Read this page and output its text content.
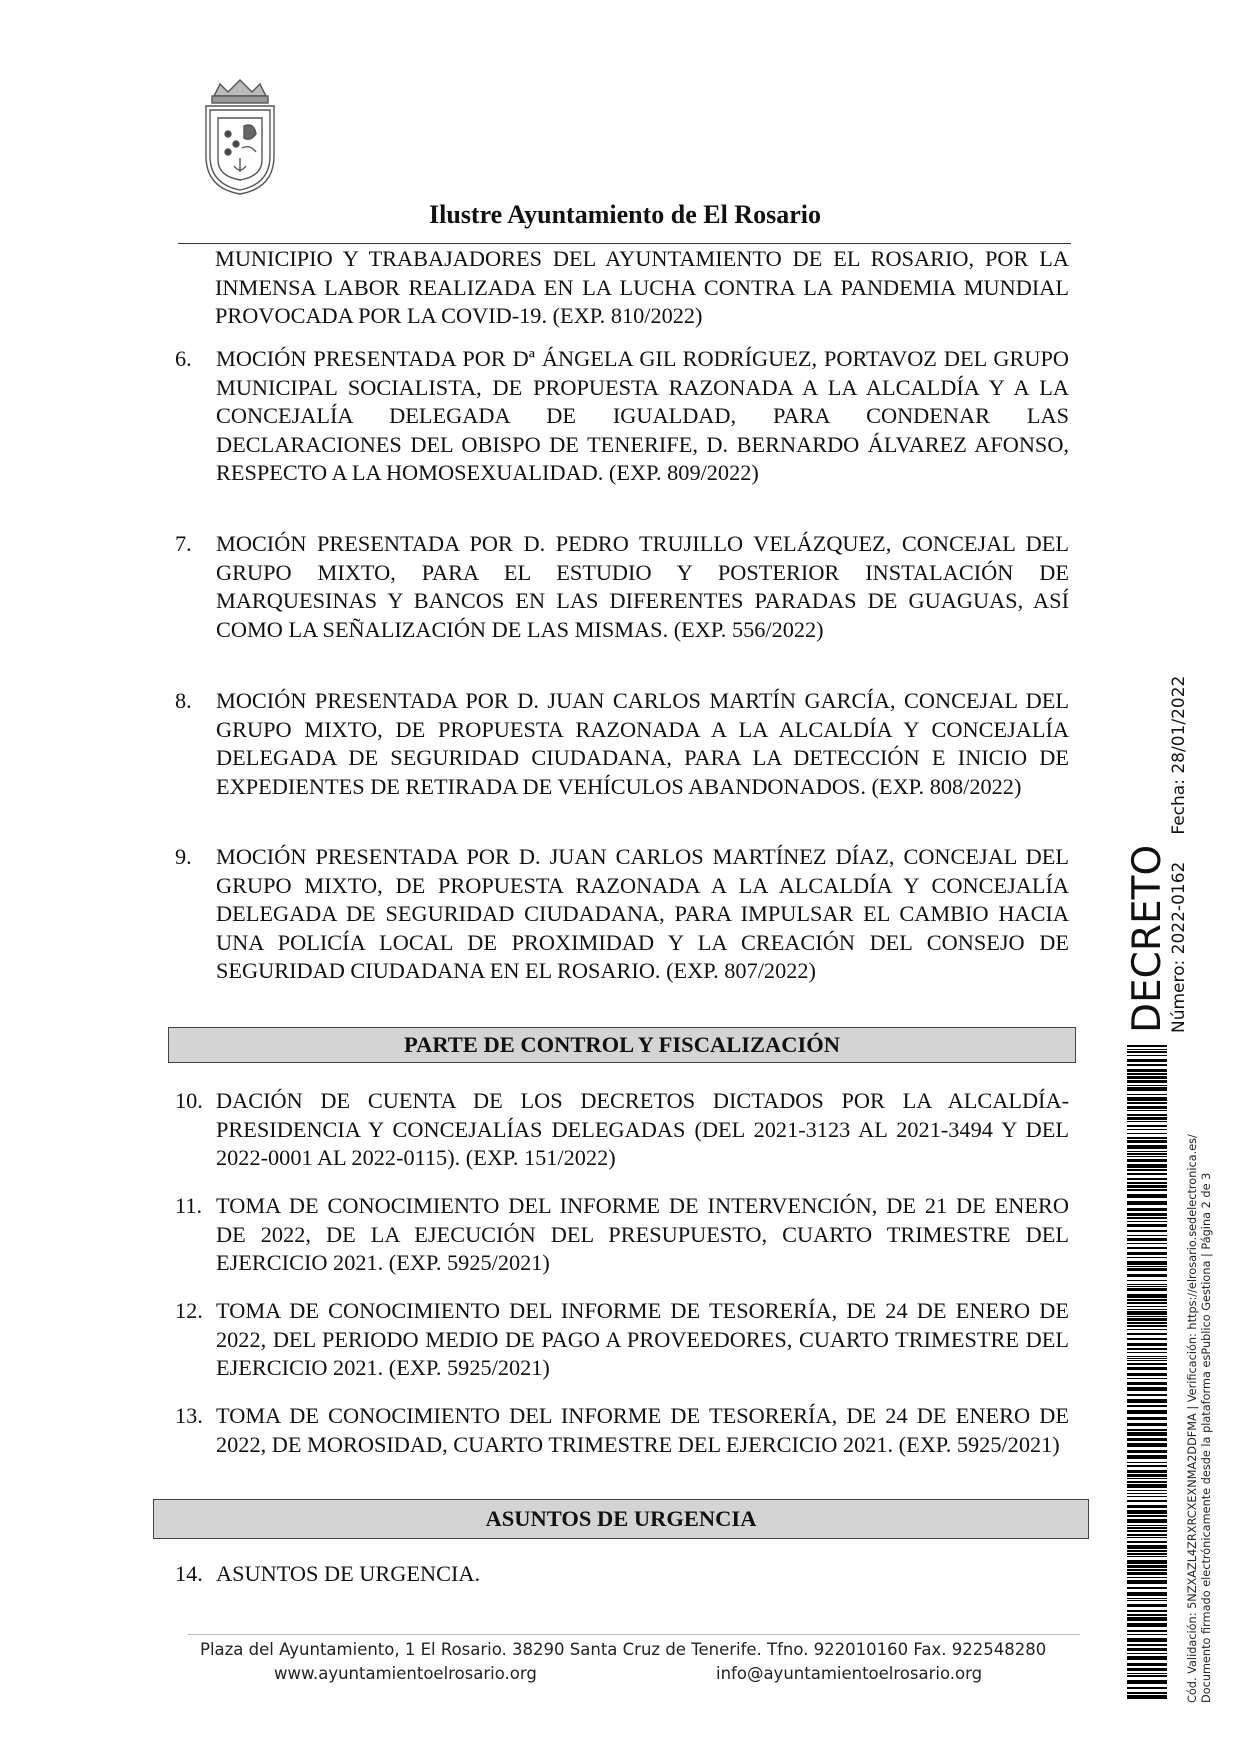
Ilustre Ayuntamiento de El Rosario

MUNICIPIO Y TRABAJADORES DEL AYUNTAMIENTO DE EL ROSARIO, POR LA INMENSA LABOR REALIZADA EN LA LUCHA CONTRA LA PANDEMIA MUNDIAL PROVOCADA POR LA COVID-19. (EXP. 810/2022)

6. MOCIÓN PRESENTADA POR Dª ÁNGELA GIL RODRÍGUEZ, PORTAVOZ DEL GRUPO MUNICIPAL SOCIALISTA, DE PROPUESTA RAZONADA A LA ALCALDÍA Y A LA CONCEJALÍA DELEGADA DE IGUALDAD, PARA CONDENAR LAS DECLARACIONES DEL OBISPO DE TENERIFE, D. BERNARDO ÁLVAREZ AFONSO, RESPECTO A LA HOMOSEXUALIDAD. (EXP. 809/2022)
7. MOCIÓN PRESENTADA POR D. PEDRO TRUJILLO VELÁZQUEZ, CONCEJAL DEL GRUPO MIXTO, PARA EL ESTUDIO Y POSTERIOR INSTALACIÓN DE MARQUESINAS Y BANCOS EN LAS DIFERENTES PARADAS DE GUAGUAS, ASÍ COMO LA SEÑALIZACIÓN DE LAS MISMAS. (EXP. 556/2022)
8. MOCIÓN PRESENTADA POR D. JUAN CARLOS MARTÍN GARCÍA, CONCEJAL DEL GRUPO MIXTO, DE PROPUESTA RAZONADA A LA ALCALDÍA Y CONCEJALÍA DELEGADA DE SEGURIDAD CIUDADANA, PARA LA DETECCIÓN E INICIO DE EXPEDIENTES DE RETIRADA DE VEHÍCULOS ABANDONADOS. (EXP. 808/2022)
9. MOCIÓN PRESENTADA POR D. JUAN CARLOS MARTÍNEZ DÍAZ, CONCEJAL DEL GRUPO MIXTO, DE PROPUESTA RAZONADA A LA ALCALDÍA Y CONCEJALÍA DELEGADA DE SEGURIDAD CIUDADANA, PARA IMPULSAR EL CAMBIO HACIA UNA POLICÍA LOCAL DE PROXIMIDAD Y LA CREACIÓN DEL CONSEJO DE SEGURIDAD CIUDADANA EN EL ROSARIO. (EXP. 807/2022)
PARTE DE CONTROL Y FISCALIZACIÓN
10. DACIÓN DE CUENTA DE LOS DECRETOS DICTADOS POR LA ALCALDÍA-PRESIDENCIA Y CONCEJALÍAS DELEGADAS (DEL 2021-3123 AL 2021-3494 Y DEL 2022-0001 AL 2022-0115). (EXP. 151/2022)
11. TOMA DE CONOCIMIENTO DEL INFORME DE INTERVENCIÓN, DE 21 DE ENERO DE 2022, DE LA EJECUCIÓN DEL PRESUPUESTO, CUARTO TRIMESTRE DEL EJERCICIO 2021. (EXP. 5925/2021)
12. TOMA DE CONOCIMIENTO DEL INFORME DE TESORERÍA, DE 24 DE ENERO DE 2022, DEL PERIODO MEDIO DE PAGO A PROVEEDORES, CUARTO TRIMESTRE DEL EJERCICIO 2021. (EXP. 5925/2021)
13. TOMA DE CONOCIMIENTO DEL INFORME DE TESORERÍA, DE 24 DE ENERO DE 2022, DE MOROSIDAD, CUARTO TRIMESTRE DEL EJERCICIO 2021. (EXP. 5925/2021)
ASUNTOS DE URGENCIA
14. ASUNTOS DE URGENCIA.
Plaza del Ayuntamiento, 1 El Rosario. 38290 Santa Cruz de Tenerife. Tfno. 922010160 Fax. 922548280
www.ayuntamientoelrosario.org	info@ayuntamientoelrosario.org
DECRETO Número: 2022-0162     Fecha: 28/01/2022
Cód. Validación: 5NZXAZL4ZRXRCXEXNMA2DDFMA | Verificación: https://elrosario.sedelectronica.es/ Documento firmado electrónicamente desde la plataforma esPublico Gestiona | Página 2 de 3
